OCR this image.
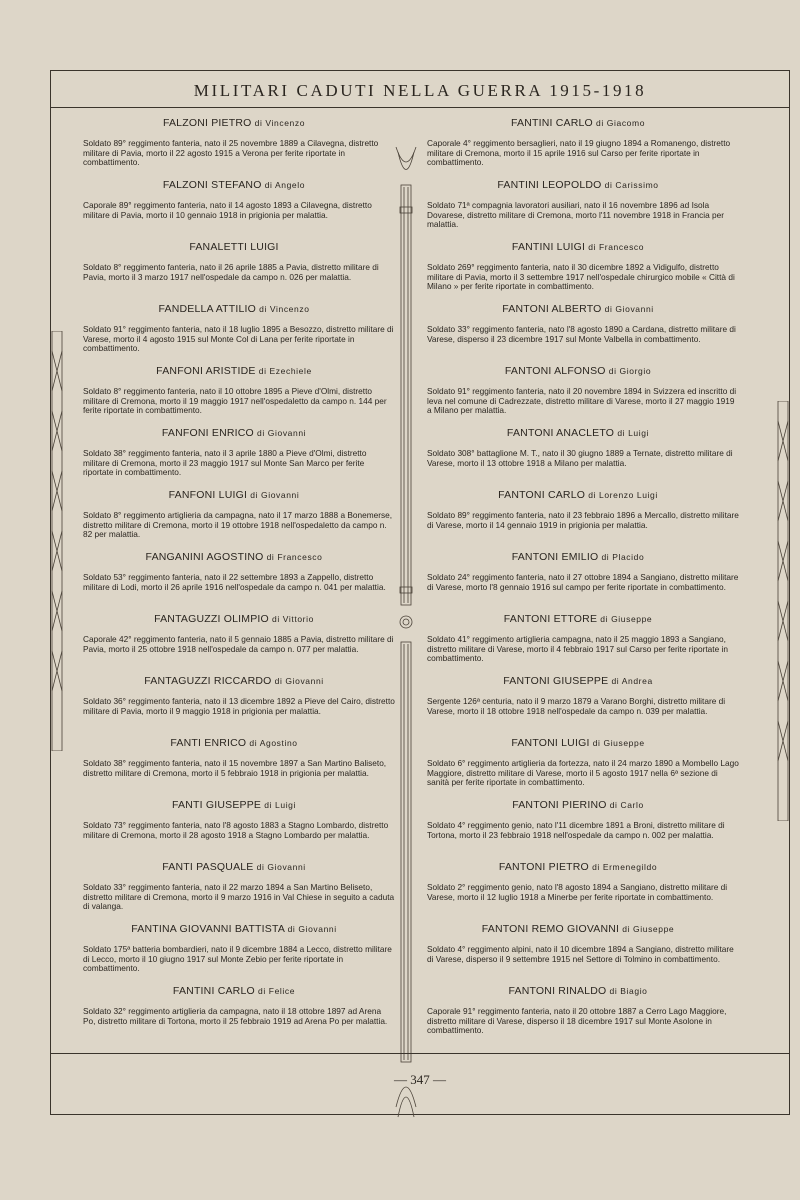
MILITARI CADUTI NELLA GUERRA 1915-1918
FALZONI PIETRO di Vincenzo
Soldato 89° reggimento fanteria, nato il 25 novembre 1889 a Cilavegna, distretto militare di Pavia, morto il 22 agosto 1915 a Verona per ferite riportate in combattimento.
FALZONI STEFANO di Angelo
Caporale 89° reggimento fanteria, nato il 14 agosto 1893 a Cilavegna, distretto militare di Pavia, morto il 10 gennaio 1918 in prigionia per malattia.
FANALETTI LUIGI
Soldato 8° reggimento fanteria, nato il 26 aprile 1885 a Pavia, distretto militare di Pavia, morto il 3 marzo 1917 nell'ospedale da campo n. 026 per malattia.
FANDELLA ATTILIO di Vincenzo
Soldato 91° reggimento fanteria, nato il 18 luglio 1895 a Besozzo, distretto militare di Varese, morto il 4 agosto 1915 sul Monte Col di Lana per ferite riportate in combattimento.
FANFONI ARISTIDE di Ezechiele
Soldato 8° reggimento fanteria, nato il 10 ottobre 1895 a Pieve d'Olmi, distretto militare di Cremona, morto il 19 maggio 1917 nell'ospedaletto da campo n. 144 per ferite riportate in combattimento.
FANFONI ENRICO di Giovanni
Soldato 38° reggimento fanteria, nato il 3 aprile 1880 a Pieve d'Olmi, distretto militare di Cremona, morto il 23 maggio 1917 sul Monte San Marco per ferite riportate in combattimento.
FANFONI LUIGI di Giovanni
Soldato 8° reggimento artiglieria da campagna, nato il 17 marzo 1888 a Bonemerse, distretto militare di Cremona, morto il 19 ottobre 1918 nell'ospedaletto da campo n. 82 per malattia.
FANGANINI AGOSTINO di Francesco
Soldato 53° reggimento fanteria, nato il 22 settembre 1893 a Zappello, distretto militare di Lodi, morto il 26 aprile 1916 nell'ospedale da campo n. 041 per malattia.
FANTAGUZZI OLIMPIO di Vittorio
Caporale 42° reggimento fanteria, nato il 5 gennaio 1885 a Pavia, distretto militare di Pavia, morto il 25 ottobre 1918 nell'ospedale da campo n. 077 per malattia.
FANTAGUZZI RICCARDO di Giovanni
Soldato 36° reggimento fanteria, nato il 13 dicembre 1892 a Pieve del Cairo, distretto militare di Pavia, morto il 9 maggio 1918 in prigionia per malattia.
FANTI ENRICO di Agostino
Soldato 38° reggimento fanteria, nato il 15 novembre 1897 a San Martino Baliseto, distretto militare di Cremona, morto il 5 febbraio 1918 in prigionia per malattia.
FANTI GIUSEPPE di Luigi
Soldato 73° reggimento fanteria, nato l'8 agosto 1883 a Stagno Lombardo, distretto militare di Cremona, morto il 28 agosto 1918 a Stagno Lombardo per malattia.
FANTI PASQUALE di Giovanni
Soldato 33° reggimento fanteria, nato il 22 marzo 1894 a San Martino Beliseto, distretto militare di Cremona, morto il 9 marzo 1916 in Val Chiese in seguito a caduta di valanga.
FANTINA GIOVANNI BATTISTA di Giovanni
Soldato 175ª batteria bombardieri, nato il 9 dicembre 1884 a Lecco, distretto militare di Lecco, morto il 10 giugno 1917 sul Monte Zebio per ferite riportate in combattimento.
FANTINI CARLO di Felice
Soldato 32° reggimento artiglieria da campagna, nato il 18 ottobre 1897 ad Arena Po, distretto militare di Tortona, morto il 25 febbraio 1919 ad Arena Po per malattia.
FANTINI CARLO di Giacomo
Caporale 4° reggimento bersaglieri, nato il 19 giugno 1894 a Romanengo, distretto militare di Cremona, morto il 15 aprile 1916 sul Carso per ferite riportate in combattimento.
FANTINI LEOPOLDO di Carissimo
Soldato 71ª compagnia lavoratori ausiliari, nato il 16 novembre 1896 ad Isola Dovarese, distretto militare di Cremona, morto l'11 novembre 1918 in Francia per malattia.
FANTINI LUIGI di Francesco
Soldato 269° reggimento fanteria, nato il 30 dicembre 1892 a Vidigulfo, distretto militare di Pavia, morto il 3 settembre 1917 nell'ospedale chirurgico mobile « Città di Milano » per ferite riportate in combattimento.
FANTONI ALBERTO di Giovanni
Soldato 33° reggimento fanteria, nato l'8 agosto 1890 a Cardana, distretto militare di Varese, disperso il 23 dicembre 1917 sul Monte Valbella in combattimento.
FANTONI ALFONSO di Giorgio
Soldato 91° reggimento fanteria, nato il 20 novembre 1894 in Svizzera ed inscritto di leva nel comune di Cadrezzate, distretto militare di Varese, morto il 27 maggio 1919 a Milano per malattia.
FANTONI ANACLETO di Luigi
Soldato 308° battaglione M. T., nato il 30 giugno 1889 a Ternate, distretto militare di Varese, morto il 13 ottobre 1918 a Milano per malattia.
FANTONI CARLO di Lorenzo Luigi
Soldato 89° reggimento fanteria, nato il 23 febbraio 1896 a Mercallo, distretto militare di Varese, morto il 14 gennaio 1919 in prigionia per malattia.
FANTONI EMILIO di Placido
Soldato 24° reggimento fanteria, nato il 27 ottobre 1894 a Sangiano, distretto militare di Varese, morto l'8 gennaio 1916 sul campo per ferite riportate in combattimento.
FANTONI ETTORE di Giuseppe
Soldato 41° reggimento artiglieria campagna, nato il 25 maggio 1893 a Sangiano, distretto militare di Varese, morto il 4 febbraio 1917 sul Carso per ferite riportate in combattimento.
FANTONI GIUSEPPE di Andrea
Sergente 126ª centuria, nato il 9 marzo 1879 a Varano Borghi, distretto militare di Varese, morto il 18 ottobre 1918 nell'ospedale da campo n. 039 per malattia.
FANTONI LUIGI di Giuseppe
Soldato 6° reggimento artiglieria da fortezza, nato il 24 marzo 1890 a Mombello Lago Maggiore, distretto militare di Varese, morto il 5 agosto 1917 nella 6ª sezione di sanità per ferite riportate in combattimento.
FANTONI PIERINO di Carlo
Soldato 4° reggimento genio, nato l'11 dicembre 1891 a Broni, distretto militare di Tortona, morto il 23 febbraio 1918 nell'ospedale da campo n. 002 per malattia.
FANTONI PIETRO di Ermenegildo
Soldato 2° reggimento genio, nato l'8 agosto 1894 a Sangiano, distretto militare di Varese, morto il 12 luglio 1918 a Minerbe per ferite riportate in combattimento.
FANTONI REMO GIOVANNI di Giuseppe
Soldato 4° reggimento alpini, nato il 10 dicembre 1894 a Sangiano, distretto militare di Varese, disperso il 9 settembre 1915 nel Settore di Tolmino in combattimento.
FANTONI RINALDO di Biagio
Caporale 91° reggimento fanteria, nato il 20 ottobre 1887 a Cerro Lago Maggiore, distretto militare di Varese, disperso il 18 dicembre 1917 sul Monte Asolone in combattimento.
— 347 —
